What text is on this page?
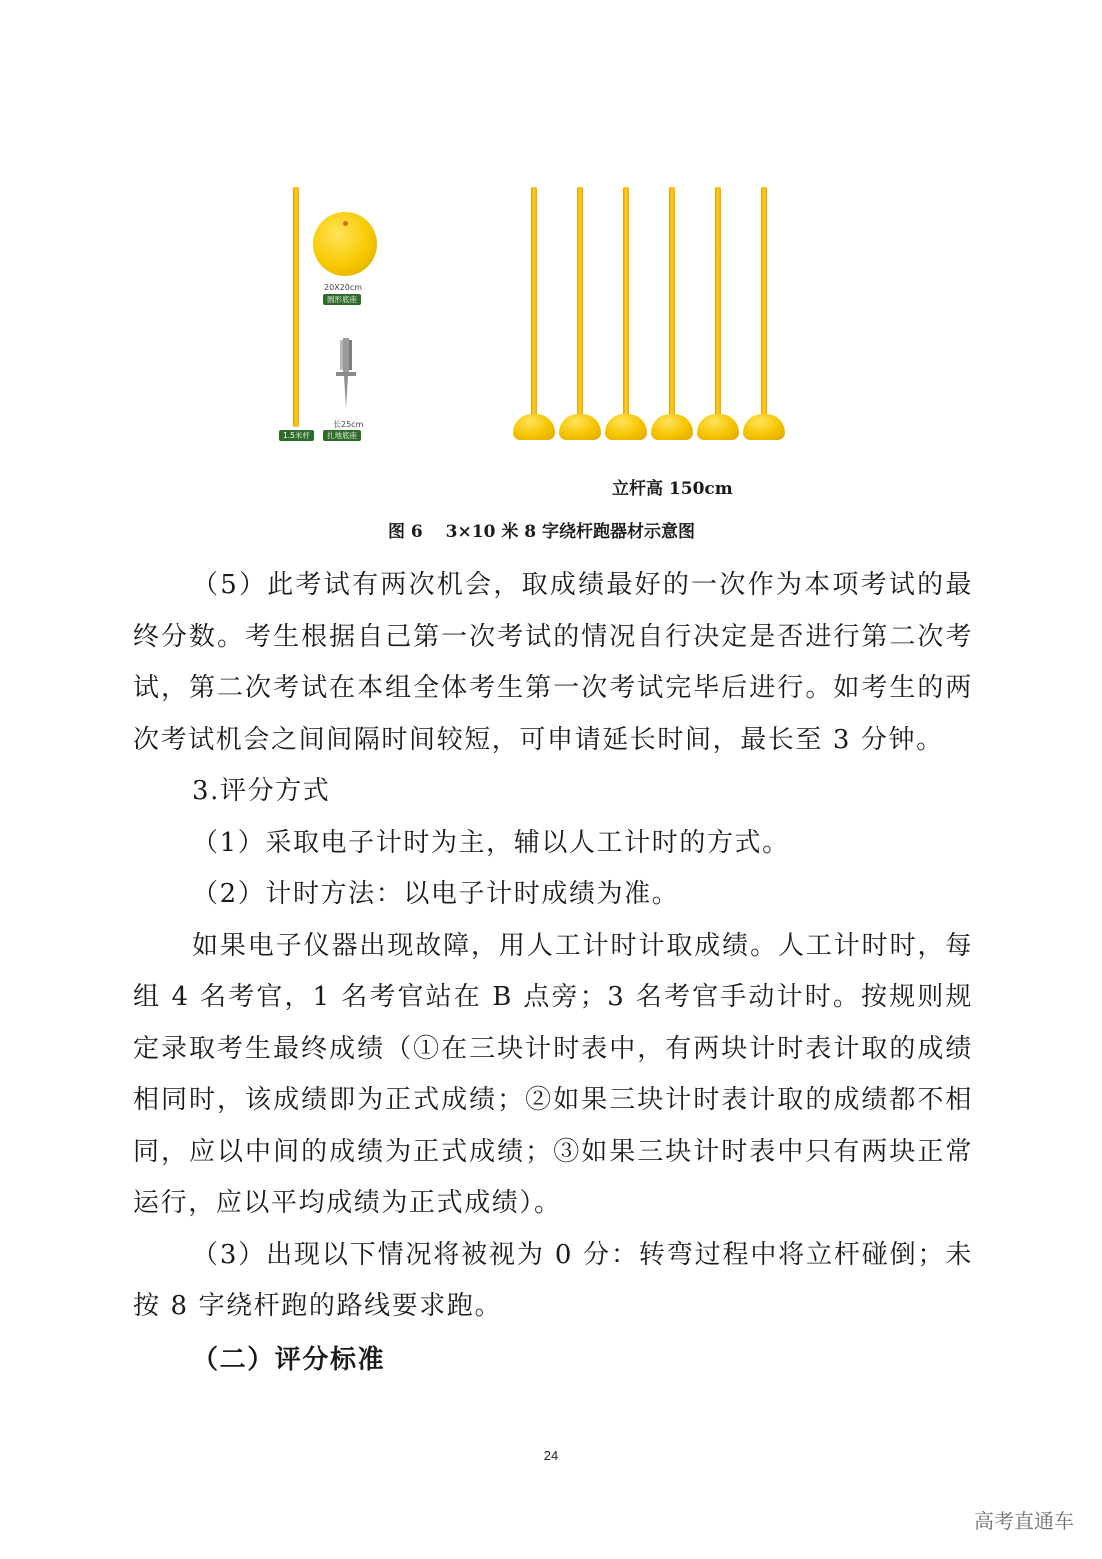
1.5米杆
20X20cm
圆形底座
长25cm
扎地底座
立杆高 150cm
图 6　 3×10 米 8 字绕杆跑器材示意图

（5）此考试有两次机会，取成绩最好的一次作为本项考试的最终分数。考生根据自己第一次考试的情况自行决定是否进行第二次考试，第二次考试在本组全体考生第一次考试完毕后进行。如考生的两次考试机会之间间隔时间较短，可申请延长时间，最长至 3 分钟。

3.评分方式

（1）采取电子计时为主，辅以人工计时的方式。

（2）计时方法：以电子计时成绩为准。

如果电子仪器出现故障，用人工计时计取成绩。人工计时时，每组 4 名考官，1 名考官站在 B 点旁；3 名考官手动计时。按规则规定录取考生最终成绩（①在三块计时表中，有两块计时表计取的成绩相同时，该成绩即为正式成绩；②如果三块计时表计取的成绩都不相同，应以中间的成绩为正式成绩；③如果三块计时表中只有两块正常运行，应以平均成绩为正式成绩）。

（3）出现以下情况将被视为 0 分：转弯过程中将立杆碰倒；未按 8 字绕杆跑的路线要求跑。

（二）评分标准

24
高考直通车
